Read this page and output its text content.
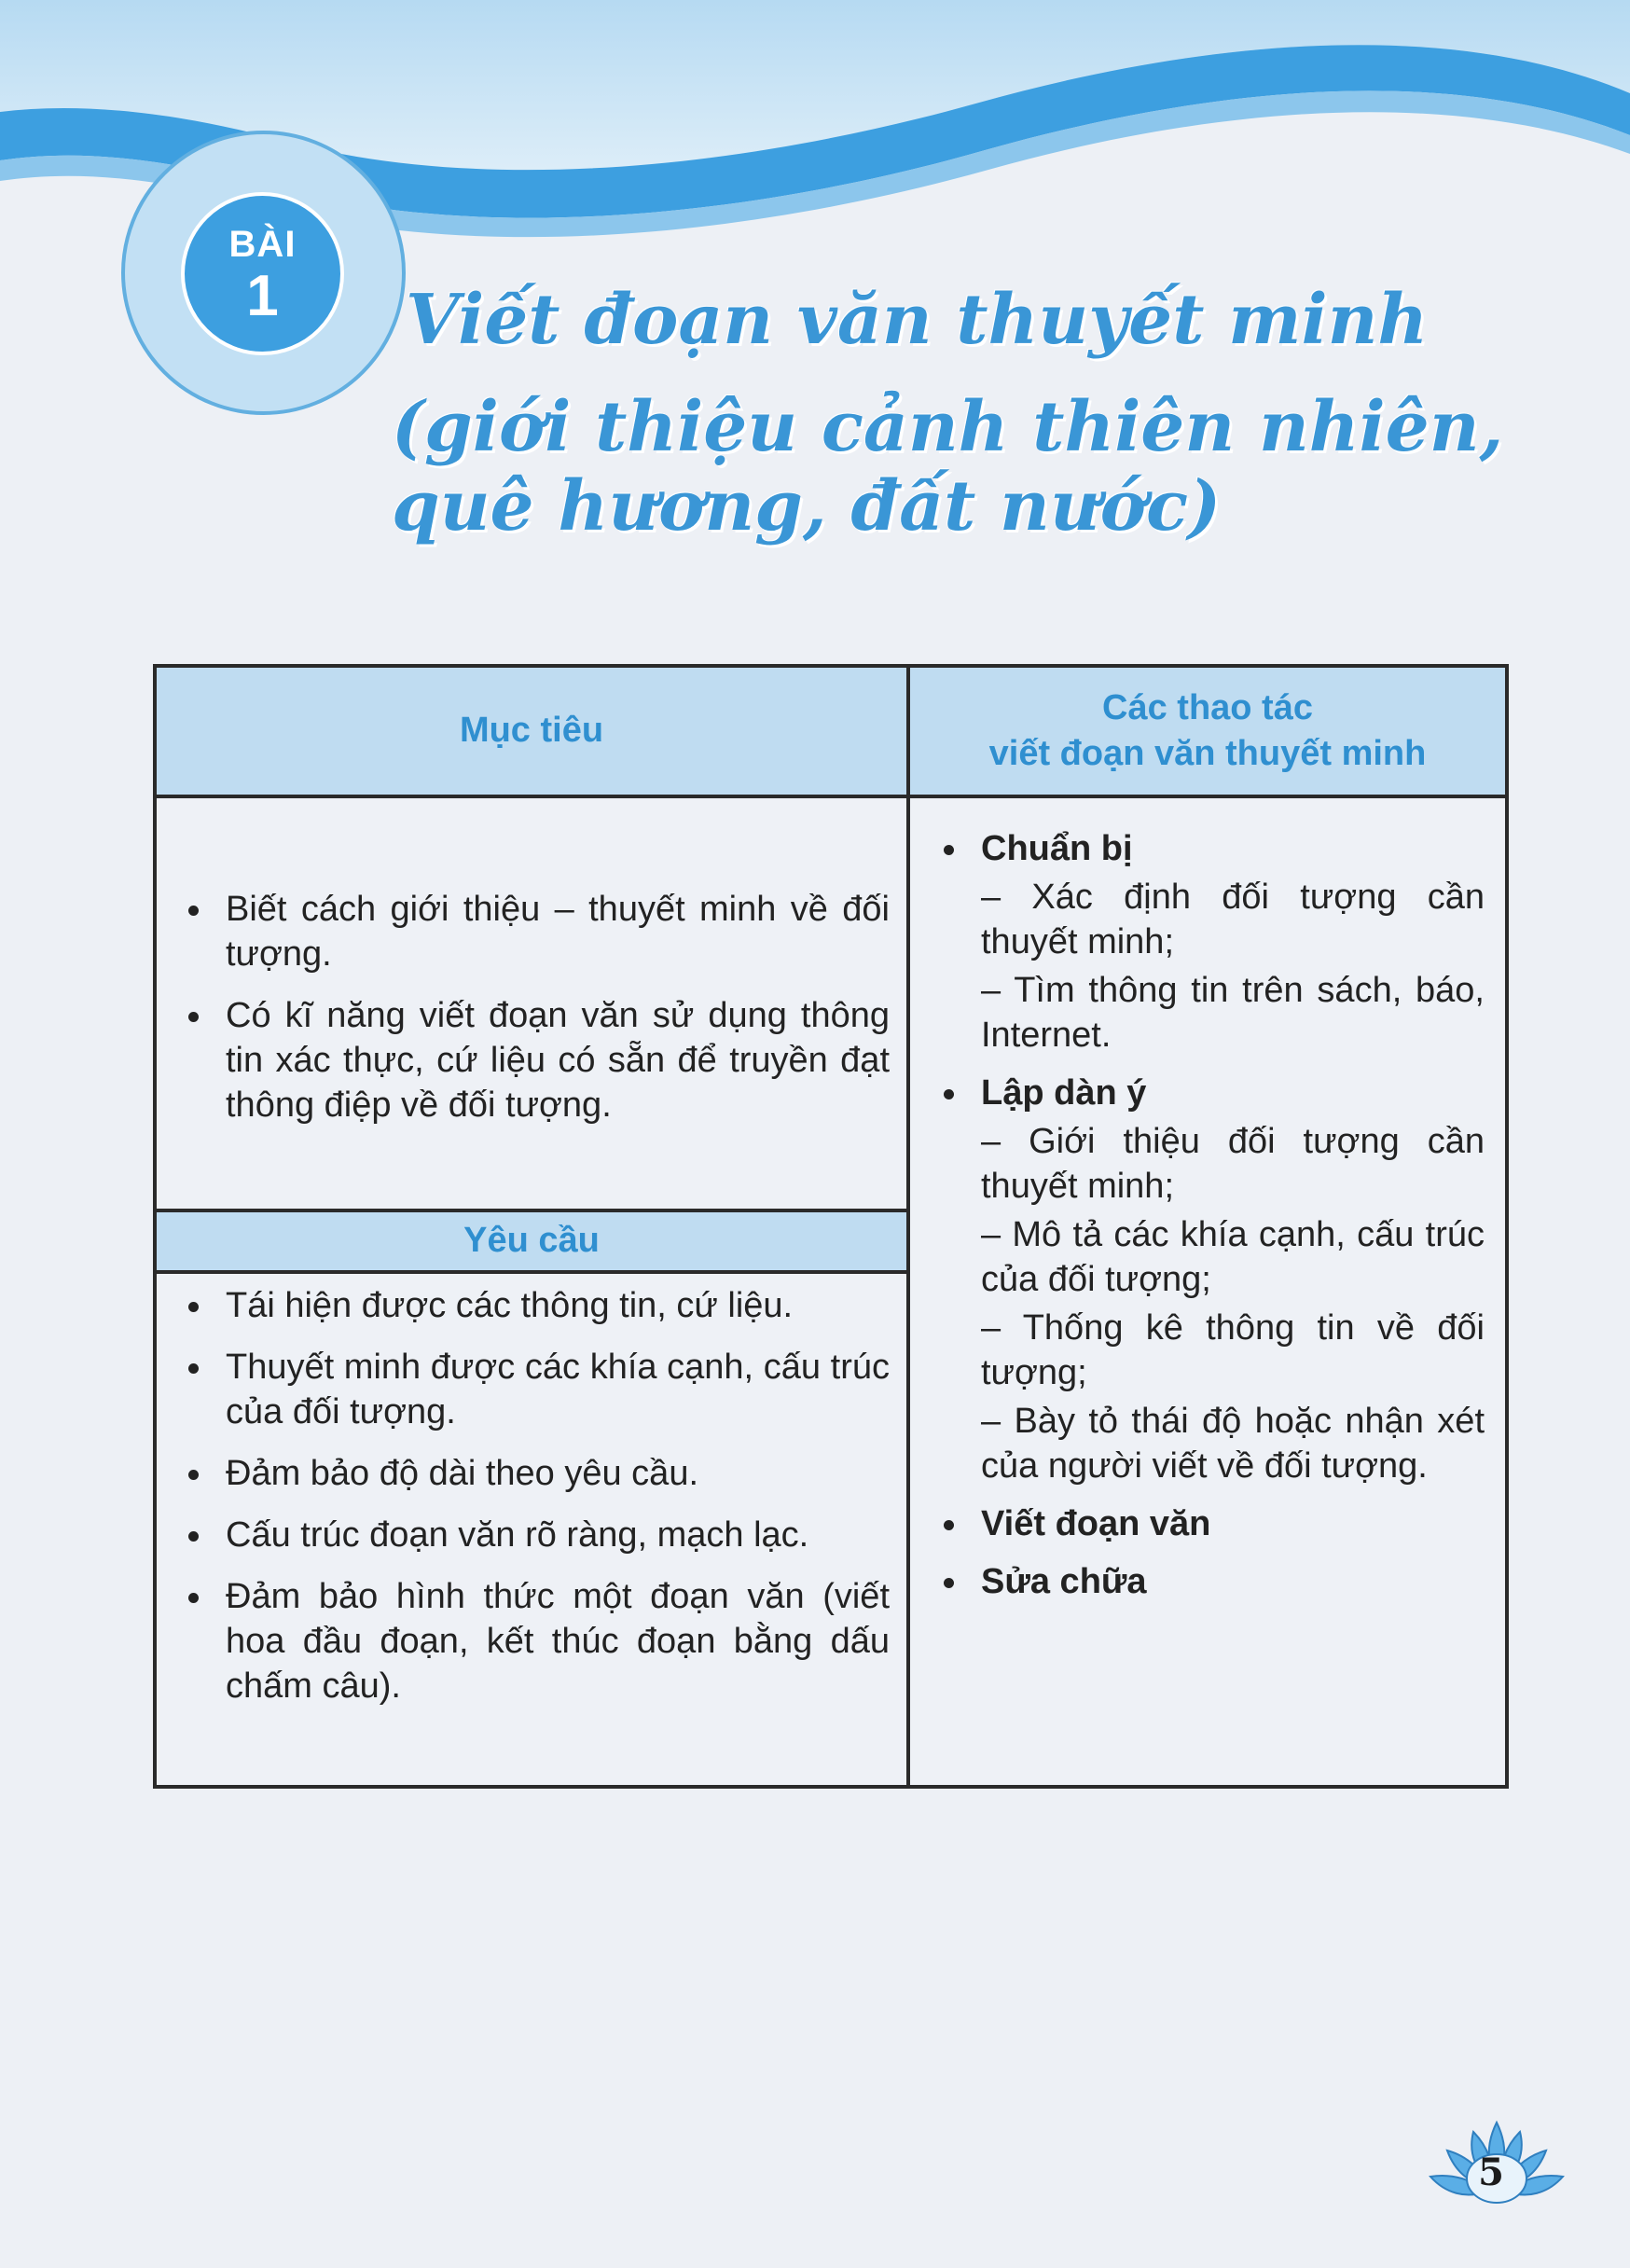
BÀI
1	Viết đoạn văn thuyết minh
(giới thiệu cảnh thiên nhiên,
quê hương, đất nước)
Mục tiêu
Các thao tác
viết đoạn văn thuyết minh
Biết cách giới thiệu – thuyết minh về đối tượng.
Có kĩ năng viết đoạn văn sử dụng thông tin xác thực, cứ liệu có sẵn để truyền đạt thông điệp về đối tượng.
Yêu cầu
Tái hiện được các thông tin, cứ liệu.
Thuyết minh được các khía cạnh, cấu trúc của đối tượng.
Đảm bảo độ dài theo yêu cầu.
Cấu trúc đoạn văn rõ ràng, mạch lạc.
Đảm bảo hình thức một đoạn văn (viết hoa đầu đoạn, kết thúc đoạn bằng dấu chấm câu).
Chuẩn bị
– Xác định đối tượng cần thuyết minh;
– Tìm thông tin trên sách, báo, Internet.
Lập dàn ý
– Giới thiệu đối tượng cần thuyết minh;
– Mô tả các khía cạnh, cấu trúc của đối tượng;
– Thống kê thông tin về đối tượng;
– Bày tỏ thái độ hoặc nhận xét của người viết về đối tượng.
Viết đoạn văn
Sửa chữa
5
